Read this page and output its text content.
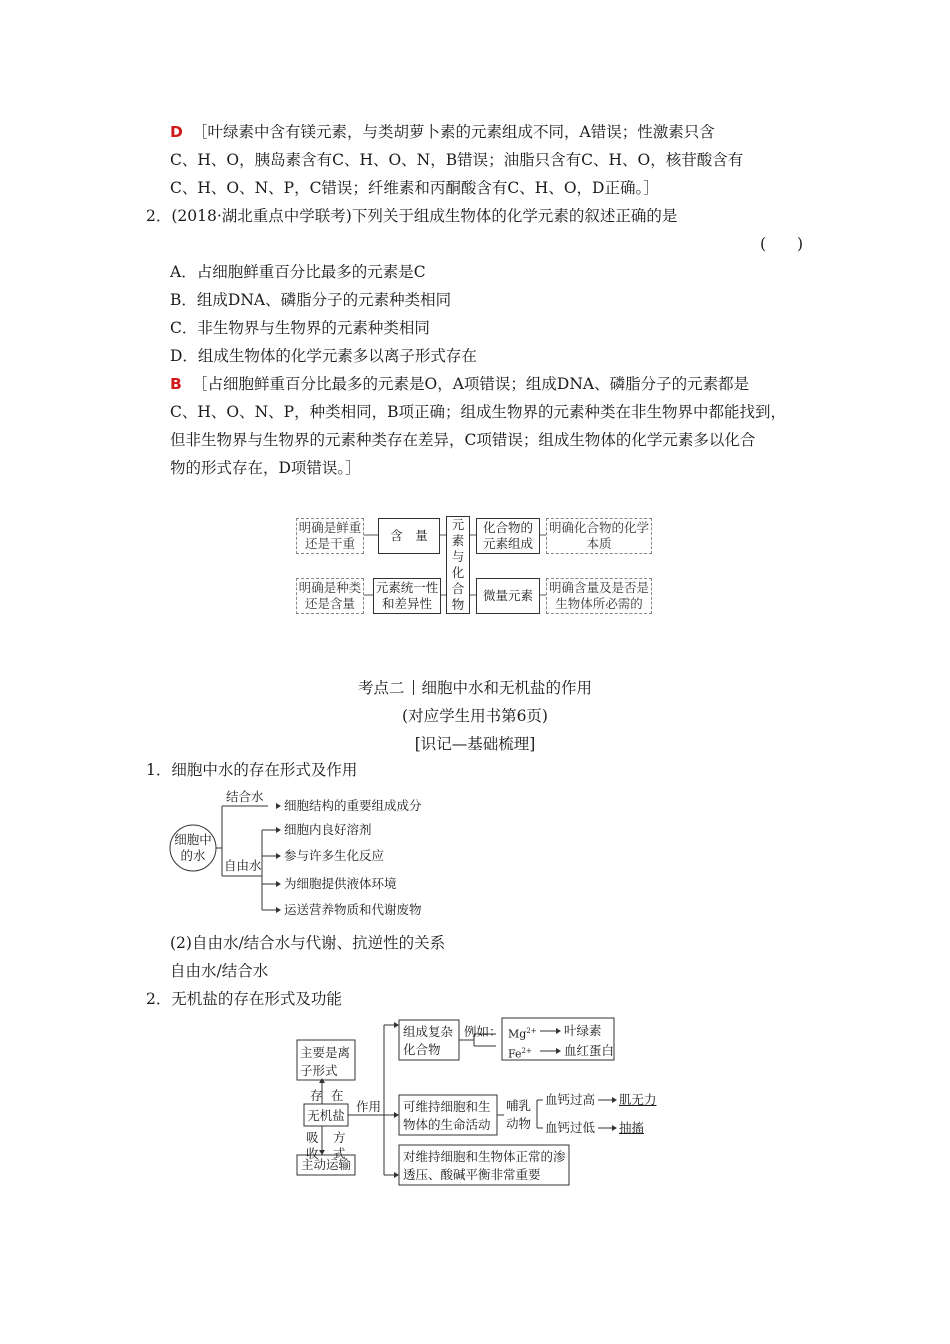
D ［叶绿素中含有镁元素，与类胡萝卜素的元素组成不同，A错误；性激素只含
C、H、O，胰岛素含有C、H、O、N，B错误；油脂只含有C、H、O，核苷酸含有
C、H、O、N、P，C错误；纤维素和丙酮酸含有C、H、O，D正确。］
2．(2018·湖北重点中学联考)下列关于组成生物体的化学元素的叙述正确的是
(　　)
A．占细胞鲜重百分比最多的元素是C
B．组成DNA、磷脂分子的元素种类相同
C．非生物界与生物界的元素种类相同
D．组成生物体的化学元素多以离子形式存在
B ［占细胞鲜重百分比最多的元素是O，A项错误；组成DNA、磷脂分子的元素都是
C、H、O、N、P，种类相同，B项正确；组成生物界的元素种类在非生物界中都能找到，
但非生物界与生物界的元素种类存在差异，C项错误；组成生物体的化学元素多以化合
物的形式存在，D项错误。］
明确是鲜重还是干重
明确是种类还是含量
含　量
元素统一性和差异性
元
素
与
化
合
物
化合物的元素组成
微量元素
明确化合物的化学本质
明确含量及是否是生物体所必需的
考点二 细胞中水和无机盐的作用
(对应学生用书第6页)
[识记—基础梳理]
1．细胞中水的存在形式及作用
细胞中的水
结合水
细胞结构的重要组成成分
自由水
细胞内良好溶剂
参与许多生化反应
为细胞提供液体环境
运送营养物质和代谢废物
(2)自由水/结合水与代谢、抗逆性的关系
自由水/结合水
2．无机盐的存在形式及功能
主要是离子形式
存 在
无机盐
吸收
方式
主动运输
作用
组成复杂化合物
例如： $Mg^{2+}$ 叶绿素
$Fe^{2+}$	血红蛋白
可维持细胞和生物体的生命活动
哺乳动物
血钙过高 肌无力
血钙过低 抽搐
对维持细胞和生物体正常的渗透压、酸碱平衡非常重要
